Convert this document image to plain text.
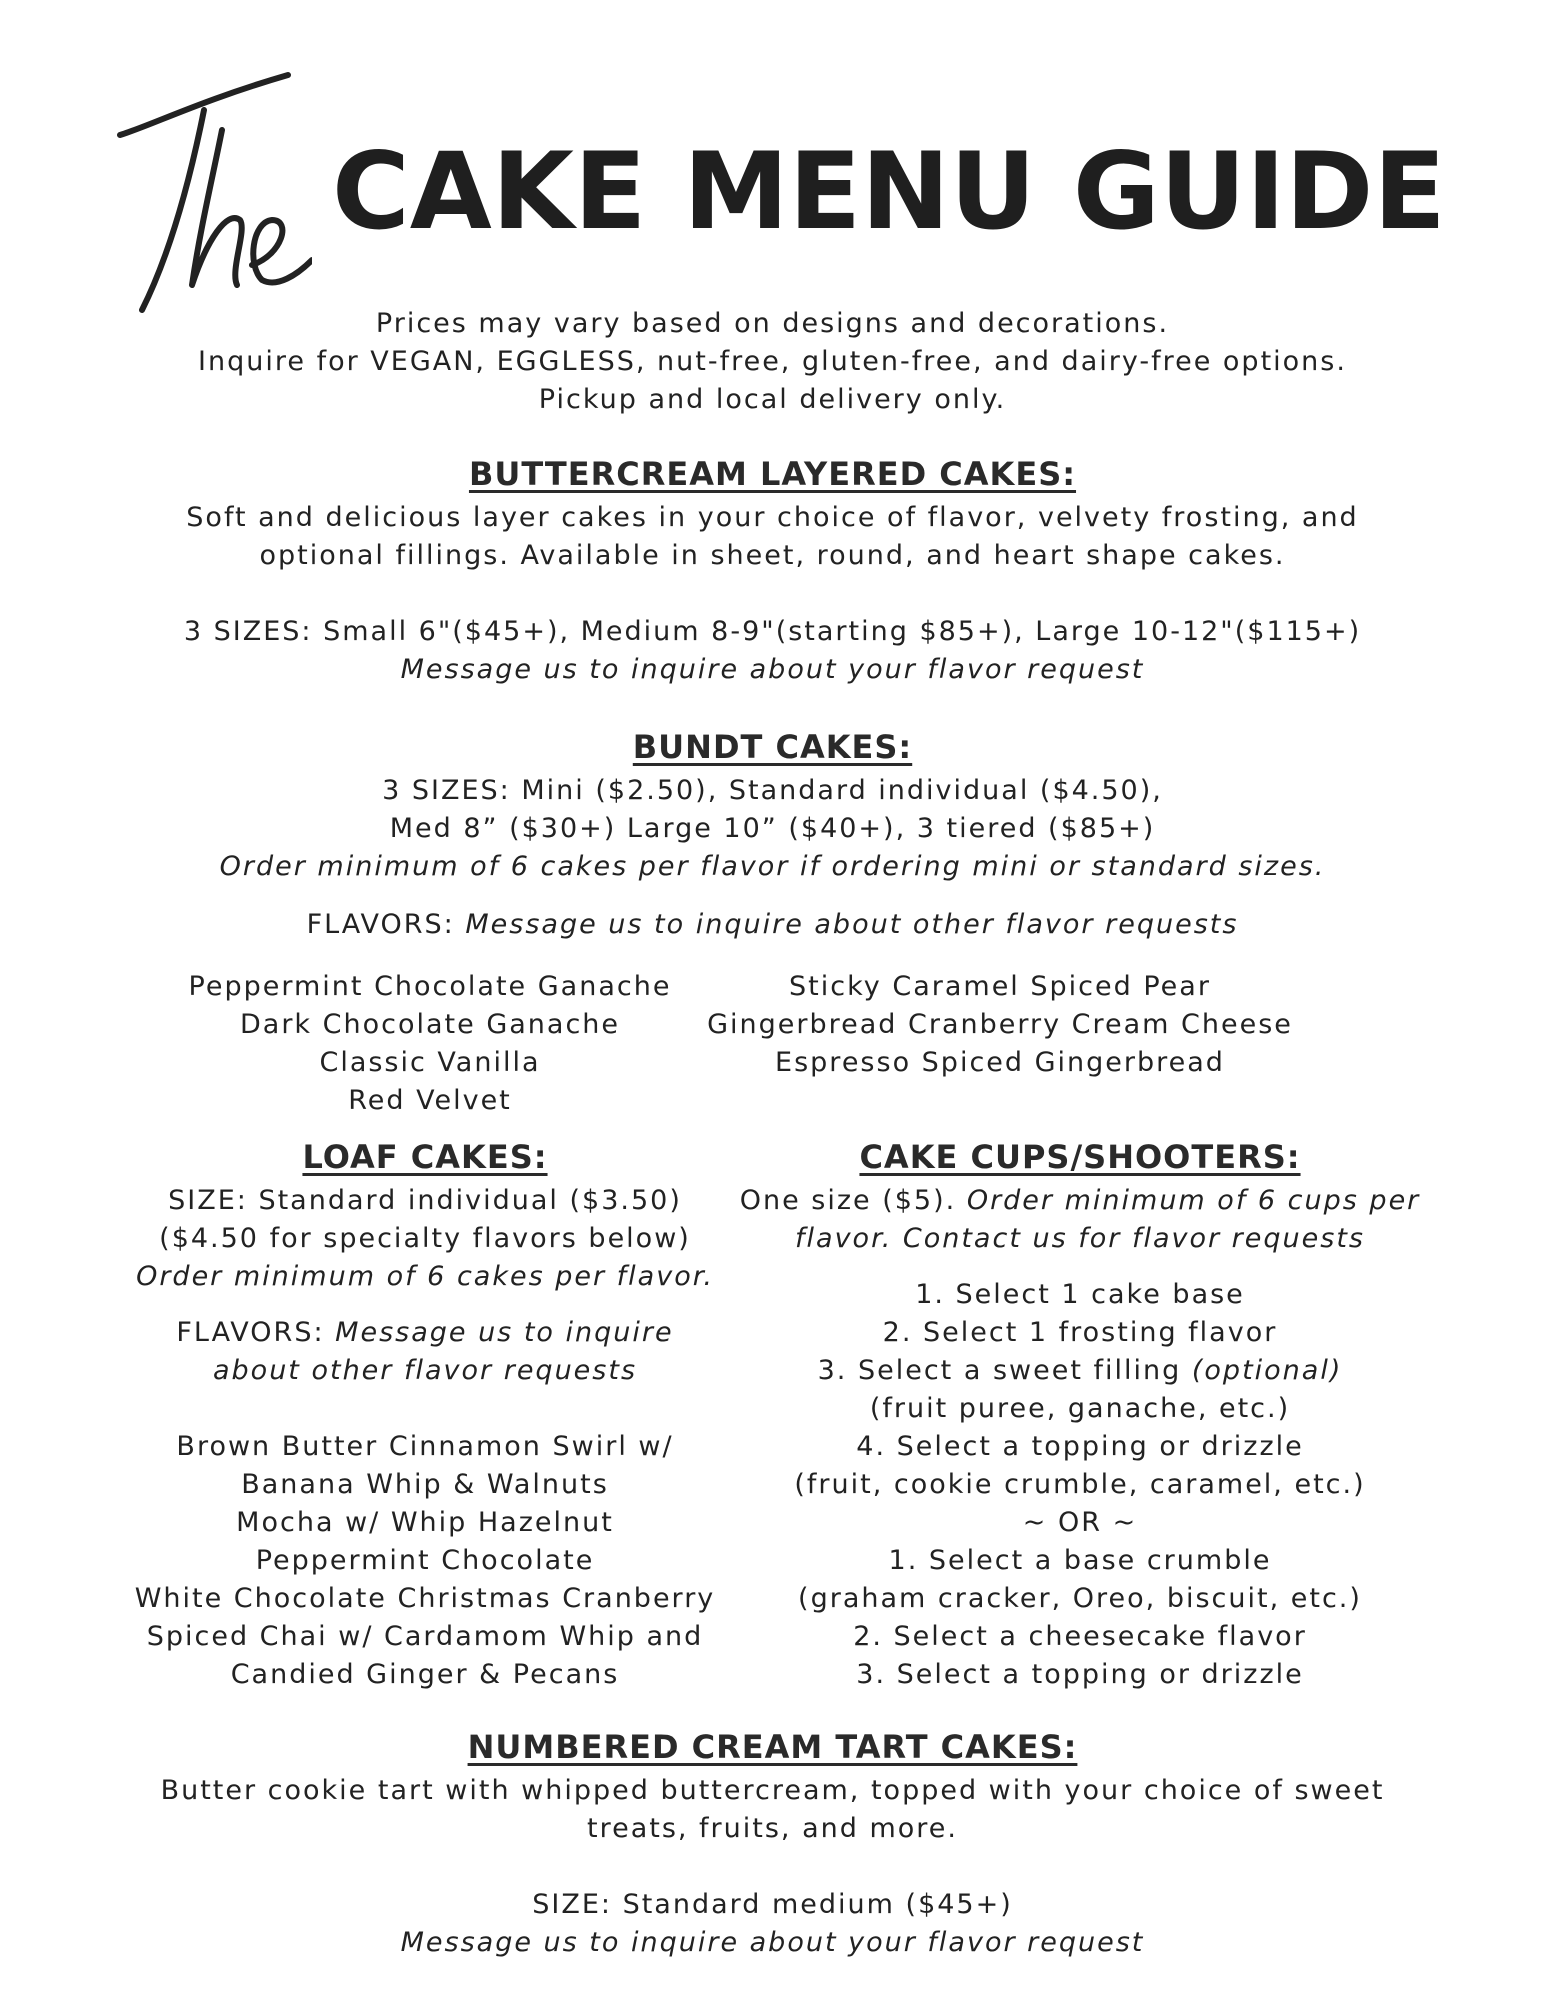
CAKE MENU GUIDE
Prices may vary based on designs and decorations.
Inquire for VEGAN, EGGLESS, nut-free, gluten-free, and dairy-free options.
Pickup and local delivery only.
BUTTERCREAM LAYERED CAKES:
Soft and delicious layer cakes in your choice of flavor, velvety frosting, and
optional fillings. Available in sheet, round, and heart shape cakes.
3 SIZES: Small 6"($45+), Medium 8-9"(starting $85+), Large 10-12"($115+)
Message us to inquire about your flavor request
BUNDT CAKES:
3 SIZES: Mini ($2.50), Standard individual ($4.50),
Med 8” ($30+) Large 10” ($40+), 3 tiered ($85+)
Order minimum of 6 cakes per flavor if ordering mini or standard sizes.
FLAVORS: Message us to inquire about other flavor requests
Peppermint Chocolate Ganache
Dark Chocolate Ganache
Classic Vanilla
Red Velvet
Sticky Caramel Spiced Pear
Gingerbread Cranberry Cream Cheese
Espresso Spiced Gingerbread
LOAF CAKES:
SIZE: Standard individual ($3.50)
($4.50 for specialty flavors below)
Order minimum of 6 cakes per flavor.
FLAVORS: Message us to inquire
about other flavor requests
Brown Butter Cinnamon Swirl w/
Banana Whip & Walnuts
Mocha w/ Whip Hazelnut
Peppermint Chocolate
White Chocolate Christmas Cranberry
Spiced Chai w/ Cardamom Whip and
Candied Ginger & Pecans
CAKE CUPS/SHOOTERS:
One size ($5). Order minimum of 6 cups per
flavor. Contact us for flavor requests
1. Select 1 cake base
2. Select 1 frosting flavor
3. Select a sweet filling (optional)
(fruit puree, ganache, etc.)
4. Select a topping or drizzle
(fruit, cookie crumble, caramel, etc.)
~ OR ~
1. Select a base crumble
(graham cracker, Oreo, biscuit, etc.)
2. Select a cheesecake flavor
3. Select a topping or drizzle
NUMBERED CREAM TART CAKES:
Butter cookie tart with whipped buttercream, topped with your choice of sweet
treats, fruits, and more.
SIZE: Standard medium ($45+)
Message us to inquire about your flavor request
